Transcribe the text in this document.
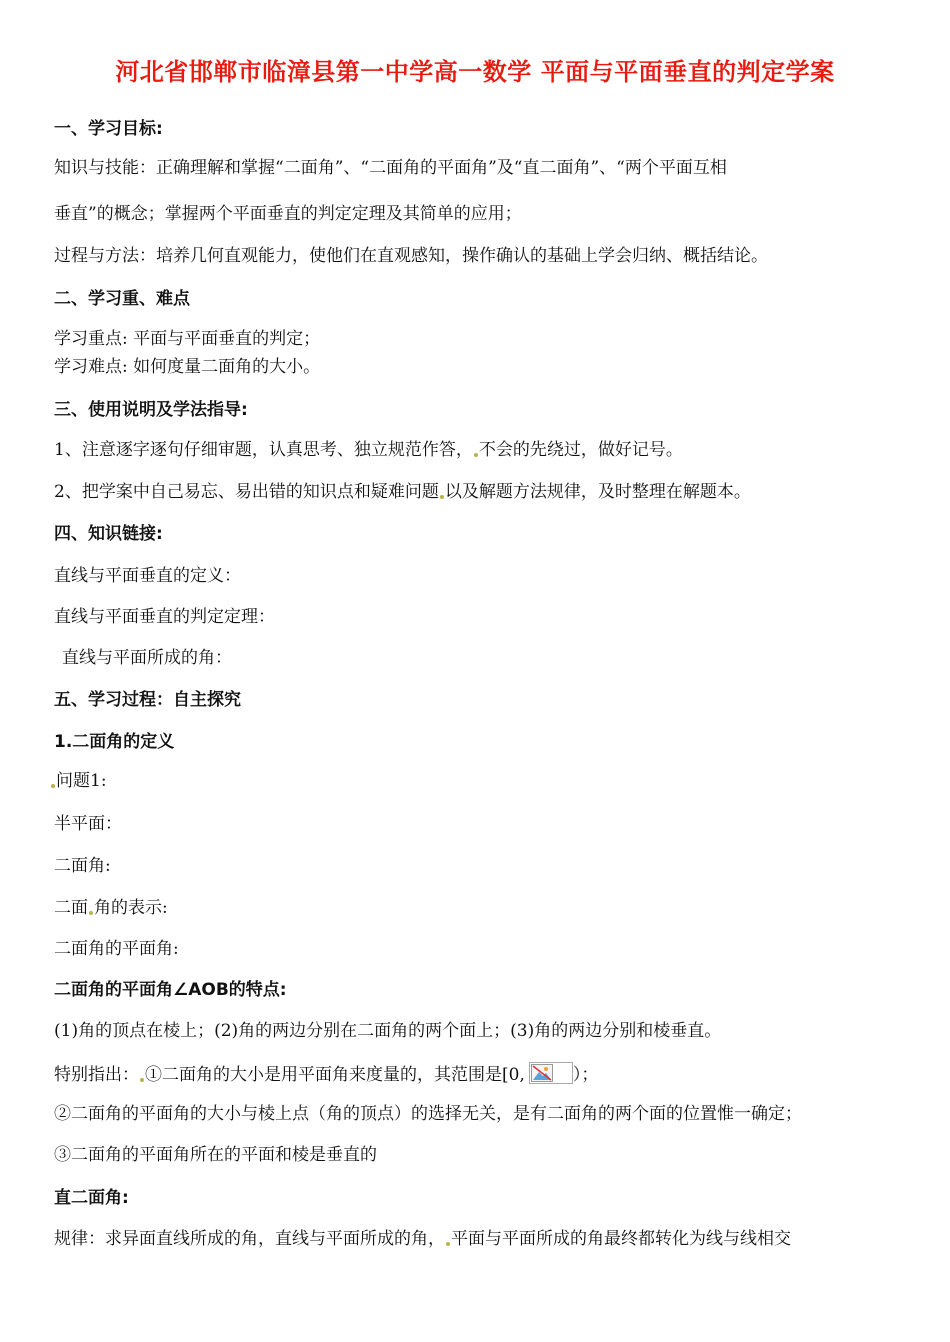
河北省邯郸市临漳县第一中学高一数学 平面与平面垂直的判定学案
一、学习目标:
知识与技能：正确理解和掌握“二面角”、“二面角的平面角”及“直二面角”、“两个平面互相
垂直”的概念；掌握两个平面垂直的判定定理及其简单的应用；
过程与方法：培养几何直观能力，使他们在直观感知，操作确认的基础上学会归纳、概括结论。
二、学习重、难点
学习重点: 平面与平面垂直的判定；
学习难点: 如何度量二面角的大小。
三、使用说明及学法指导:
1、注意逐字逐句仔细审题，认真思考、独立规范作答， 不会的先绕过，做好记号。
2、把学案中自己易忘、易出错的知识点和疑难问题 以及解题方法规律，及时整理在解题本。
四、知识链接:
直线与平面垂直的定义：
直线与平面垂直的判定定理：
直线与平面所成的角：
五、学习过程：自主探究
1.二面角的定义
问题1:
半平面：
二面角:
二面 角的表示:
二面角的平面角:
二面角的平面角∠AOB的特点:
(1)角的顶点在棱上；(2)角的两边分别在二面角的两个面上；(3)角的两边分别和棱垂直。
特别指出： ①二面角的大小是用平面角来度量的，其范围是[0,	）；
②二面角的平面角的大小与棱上点（角的顶点）的选择无关，是有二面角的两个面的位置惟一确定；
③二面角的平面角所在的平面和棱是垂直的
直二面角:
规律：求异面直线所成的角，直线与平面所成的角， 平面与平面所成的角最终都转化为线与线相交
